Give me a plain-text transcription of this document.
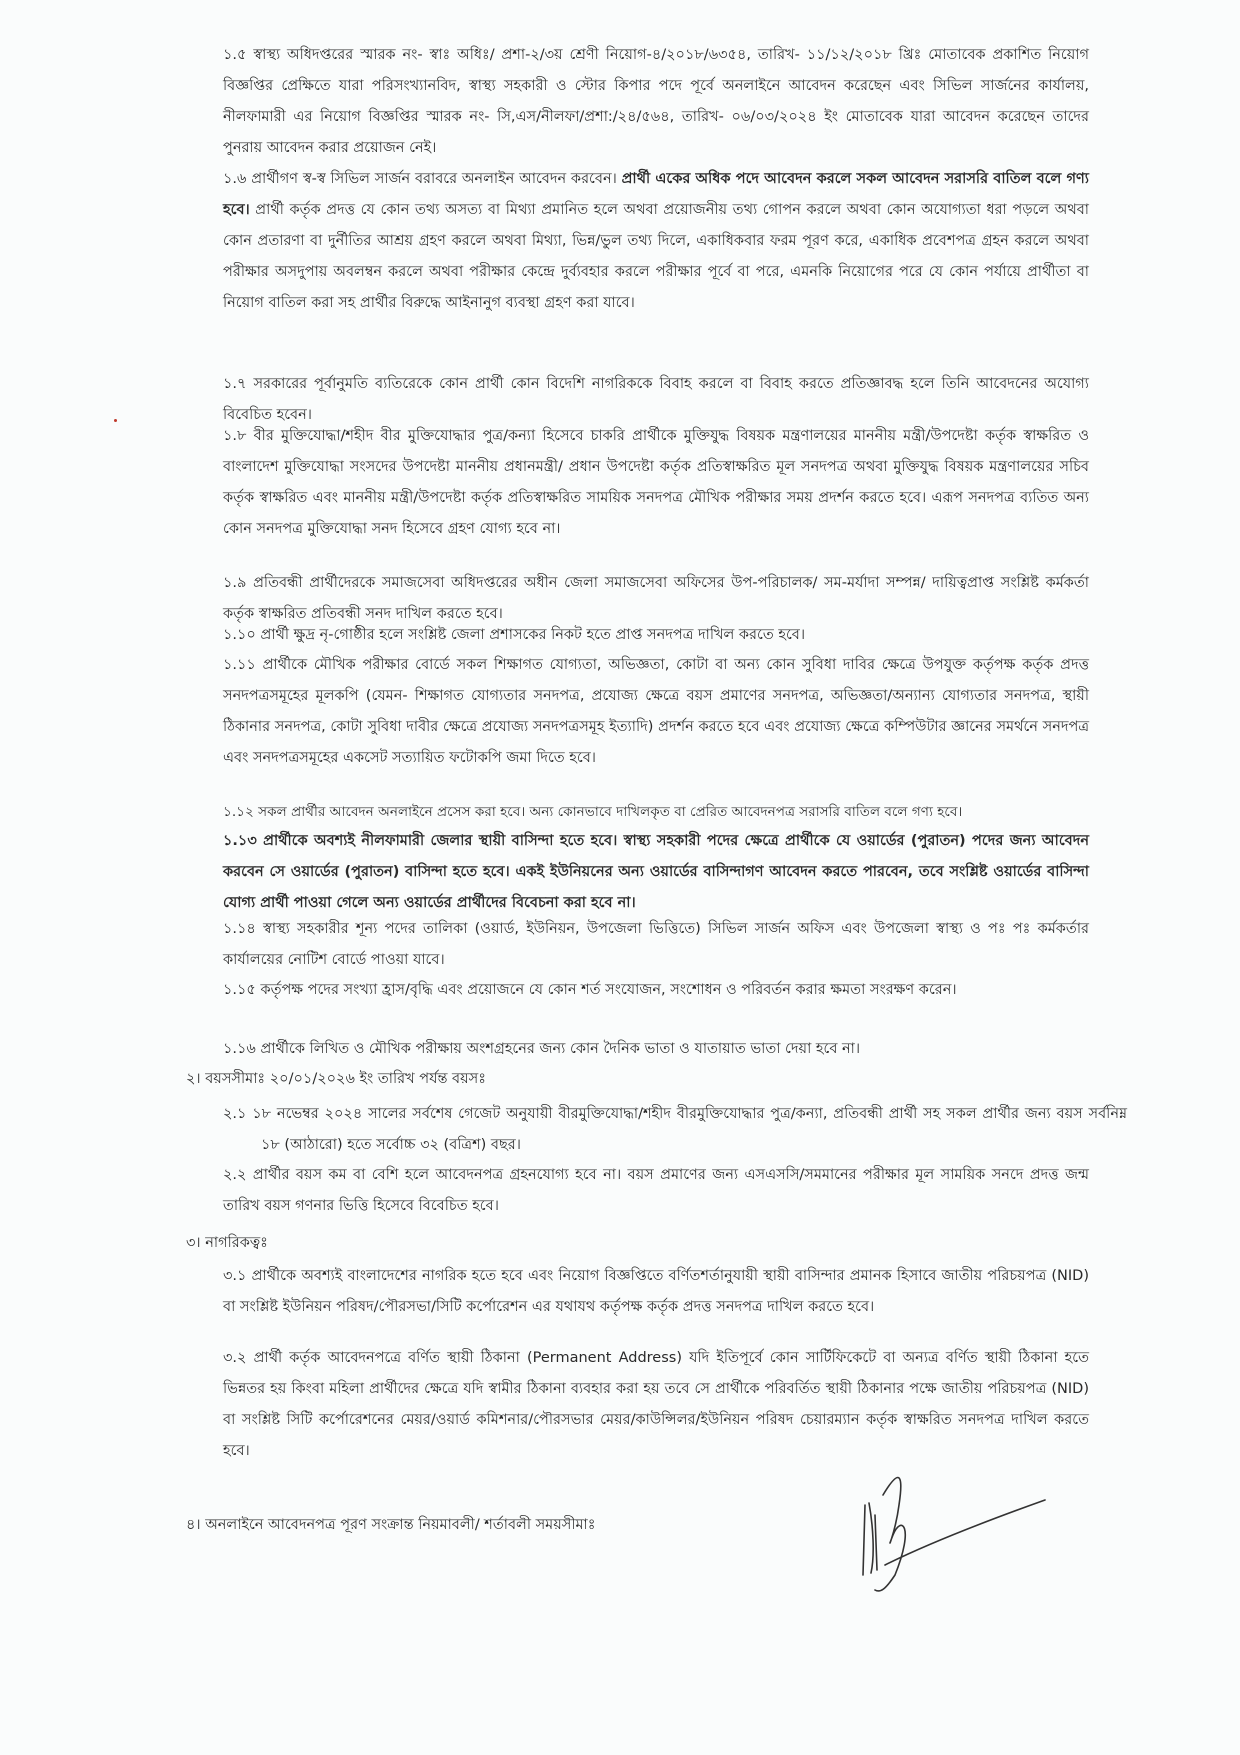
১.৫ স্বাস্থ্য অধিদপ্তরের স্মারক নং- স্বাঃ অধিঃ/ প্রশা-২/৩য় শ্রেণী নিয়োগ-৪/২০১৮/৬৩৫৪, তারিখ- ১১/১২/২০১৮ খ্রিঃ মোতাবেক প্রকাশিত নিয়োগ বিজ্ঞপ্তির প্রেক্ষিতে যারা পরিসংখ্যানবিদ, স্বাস্থ্য সহকারী ও স্টোর কিপার পদে পূর্বে অনলাইনে আবেদন করেছেন এবং সিভিল সার্জনের কার্যালয়, নীলফামারী এর নিয়োগ বিজ্ঞপ্তির স্মারক নং- সি,এস/নীলফা/প্রশা:/২৪/৫৬৪, তারিখ- ০৬/০৩/২০২৪ ইং মোতাবেক যারা আবেদন করেছেন তাদের পুনরায় আবেদন করার প্রয়োজন নেই।

১.৬ প্রার্থীগণ স্ব-স্ব সিভিল সার্জন বরাবরে অনলাইন আবেদন করবেন। প্রার্থী একের অধিক পদে আবেদন করলে সকল আবেদন সরাসরি বাতিল বলে গণ্য হবে। প্রার্থী কর্তৃক প্রদত্ত যে কোন তথ্য অসত্য বা মিথ্যা প্রমানিত হলে অথবা প্রয়োজনীয় তথ্য গোপন করলে অথবা কোন অযোগ্যতা ধরা পড়লে অথবা কোন প্রতারণা বা দুর্নীতির আশ্রয় গ্রহণ করলে অথবা মিথ্যা, ভিন্ন/ভুল তথ্য দিলে, একাধিকবার ফরম পূরণ করে, একাধিক প্রবেশপত্র গ্রহন করলে অথবা পরীক্ষার অসদুপায় অবলম্বন করলে অথবা পরীক্ষার কেন্দ্রে দুর্ব্যবহার করলে পরীক্ষার পূর্বে বা পরে, এমনকি নিয়োগের পরে যে কোন পর্যায়ে প্রার্থীতা বা নিয়োগ বাতিল করা সহ প্রার্থীর বিরুদ্ধে আইনানুগ ব্যবস্থা গ্রহণ করা যাবে।

১.৭ সরকারের পূর্বানুমতি ব্যতিরেকে কোন প্রার্থী কোন বিদেশি নাগরিককে বিবাহ করলে বা বিবাহ করতে প্রতিজ্ঞাবদ্ধ হলে তিনি আবেদনের অযোগ্য বিবেচিত হবেন।

১.৮ বীর মুক্তিযোদ্ধা/শহীদ বীর মুক্তিযোদ্ধার পুত্র/কন্যা হিসেবে চাকরি প্রার্থীকে মুক্তিযুদ্ধ বিষয়ক মন্ত্রণালয়ের মাননীয় মন্ত্রী/উপদেষ্টা কর্তৃক স্বাক্ষরিত ও বাংলাদেশ মুক্তিযোদ্ধা সংসদের উপদেষ্টা মাননীয় প্রধানমন্ত্রী/ প্রধান উপদেষ্টা কর্তৃক প্রতিস্বাক্ষরিত মূল সনদপত্র অথবা মুক্তিযুদ্ধ বিষয়ক মন্ত্রণালয়ের সচিব কর্তৃক স্বাক্ষরিত এবং মাননীয় মন্ত্রী/উপদেষ্টা কর্তৃক প্রতিস্বাক্ষরিত সাময়িক সনদপত্র মৌখিক পরীক্ষার সময় প্রদর্শন করতে হবে। এরূপ সনদপত্র ব্যতিত অন্য কোন সনদপত্র মুক্তিযোদ্ধা সনদ হিসেবে গ্রহণ যোগ্য হবে না।

১.৯ প্রতিবন্ধী প্রার্থীদেরকে সমাজসেবা অধিদপ্তরের অধীন জেলা সমাজসেবা অফিসের উপ-পরিচালক/ সম-মর্যাদা সম্পন্ন/ দায়িত্বপ্রাপ্ত সংশ্লিষ্ট কর্মকর্তা কর্তৃক স্বাক্ষরিত প্রতিবন্ধী সনদ দাখিল করতে হবে।

১.১০ প্রার্থী ক্ষুদ্র নৃ-গোষ্ঠীর হলে সংশ্লিষ্ট জেলা প্রশাসকের নিকট হতে প্রাপ্ত সনদপত্র দাখিল করতে হবে।

১.১১ প্রার্থীকে মৌখিক পরীক্ষার বোর্ডে সকল শিক্ষাগত যোগ্যতা, অভিজ্ঞতা, কোটা বা অন্য কোন সুবিধা দাবির ক্ষেত্রে উপযুক্ত কর্তৃপক্ষ কর্তৃক প্রদত্ত সনদপত্রসমূহের মূলকপি (যেমন- শিক্ষাগত যোগ্যতার সনদপত্র, প্রযোজ্য ক্ষেত্রে বয়স প্রমাণের সনদপত্র, অভিজ্ঞতা/অন্যান্য যোগ্যতার সনদপত্র, স্থায়ী ঠিকানার সনদপত্র, কোটা সুবিধা দাবীর ক্ষেত্রে প্রযোজ্য সনদপত্রসমূহ ইত্যাদি) প্রদর্শন করতে হবে এবং প্রযোজ্য ক্ষেত্রে কম্পিউটার জ্ঞানের সমর্থনে সনদপত্র এবং সনদপত্রসমূহের একসেট সত্যায়িত ফটোকপি জমা দিতে হবে।

১.১২ সকল প্রার্থীর আবেদন অনলাইনে প্রসেস করা হবে। অন্য কোনভাবে দাখিলকৃত বা প্রেরিত আবেদনপত্র সরাসরি বাতিল বলে গণ্য হবে।

১.১৩ প্রার্থীকে অবশ্যই নীলফামারী জেলার স্থায়ী বাসিন্দা হতে হবে। স্বাস্থ্য সহকারী পদের ক্ষেত্রে প্রার্থীকে যে ওয়ার্ডের (পুরাতন) পদের জন্য আবেদন করবেন সে ওয়ার্ডের (পুরাতন) বাসিন্দা হতে হবে। একই ইউনিয়নের অন্য ওয়ার্ডের বাসিন্দাগণ আবেদন করতে পারবেন, তবে সংশ্লিষ্ট ওয়ার্ডের বাসিন্দা যোগ্য প্রার্থী পাওয়া গেলে অন্য ওয়ার্ডের প্রার্থীদের বিবেচনা করা হবে না।

১.১৪ স্বাস্থ্য সহকারীর শূন্য পদের তালিকা (ওয়ার্ড, ইউনিয়ন, উপজেলা ভিত্তিতে) সিভিল সার্জন অফিস এবং উপজেলা স্বাস্থ্য ও পঃ পঃ কর্মকর্তার কার্যালয়ের নোটিশ বোর্ডে পাওয়া যাবে।

১.১৫ কর্তৃপক্ষ পদের সংখ্যা হ্রাস/বৃদ্ধি এবং প্রয়োজনে যে কোন শর্ত সংযোজন, সংশোধন ও পরিবর্তন করার ক্ষমতা সংরক্ষণ করেন।

১.১৬ প্রার্থীকে লিখিত ও মৌখিক পরীক্ষায় অংশগ্রহনের জন্য কোন দৈনিক ভাতা ও যাতায়াত ভাতা দেয়া হবে না।

২। বয়সসীমাঃ ২০/০১/২০২৬ ইং তারিখ পর্যন্ত বয়সঃ

২.১ ১৮ নভেম্বর ২০২৪ সালের সর্বশেষ গেজেট অনুযায়ী বীরমুক্তিযোদ্ধা/শহীদ বীরমুক্তিযোদ্ধার পুত্র/কন্যা, প্রতিবন্ধী প্রার্থী সহ সকল প্রার্থীর জন্য বয়স সর্বনিম্ন ১৮ (আঠারো) হতে সর্বোচ্চ ৩২ (বত্রিশ) বছর।

২.২ প্রার্থীর বয়স কম বা বেশি হলে আবেদনপত্র গ্রহনযোগ্য হবে না। বয়স প্রমাণের জন্য এসএসসি/সমমানের পরীক্ষার মূল সাময়িক সনদে প্রদত্ত জন্ম তারিখ বয়স গণনার ভিত্তি হিসেবে বিবেচিত হবে।

৩। নাগরিকত্বঃ

৩.১ প্রার্থীকে অবশ্যই বাংলাদেশের নাগরিক হতে হবে এবং নিয়োগ বিজ্ঞপ্তিতে বর্ণিতশর্তানুযায়ী স্থায়ী বাসিন্দার প্রমানক হিসাবে জাতীয় পরিচয়পত্র (NID) বা সংশ্লিষ্ট ইউনিয়ন পরিষদ/পৌরসভা/সিটি কর্পোরেশন এর যথাযথ কর্তৃপক্ষ কর্তৃক প্রদত্ত সনদপত্র দাখিল করতে হবে।

৩.২ প্রার্থী কর্তৃক আবেদনপত্রে বর্ণিত স্থায়ী ঠিকানা (Permanent Address) যদি ইতিপূর্বে কোন সার্টিফিকেটে বা অন্যত্র বর্ণিত স্থায়ী ঠিকানা হতে ভিন্নতর হয় কিংবা মহিলা প্রার্থীদের ক্ষেত্রে যদি স্বামীর ঠিকানা ব্যবহার করা হয় তবে সে প্রার্থীকে পরিবর্তিত স্থায়ী ঠিকানার পক্ষে জাতীয় পরিচয়পত্র (NID) বা সংশ্লিষ্ট সিটি কর্পোরেশনের মেয়র/ওয়ার্ড কমিশনার/পৌরসভার মেয়র/কাউন্সিলর/ইউনিয়ন পরিষদ চেয়ারম্যান কর্তৃক স্বাক্ষরিত সনদপত্র দাখিল করতে হবে।

৪। অনলাইনে আবেদনপত্র পূরণ সংক্রান্ত নিয়মাবলী/ শর্তাবলী সময়সীমাঃ
